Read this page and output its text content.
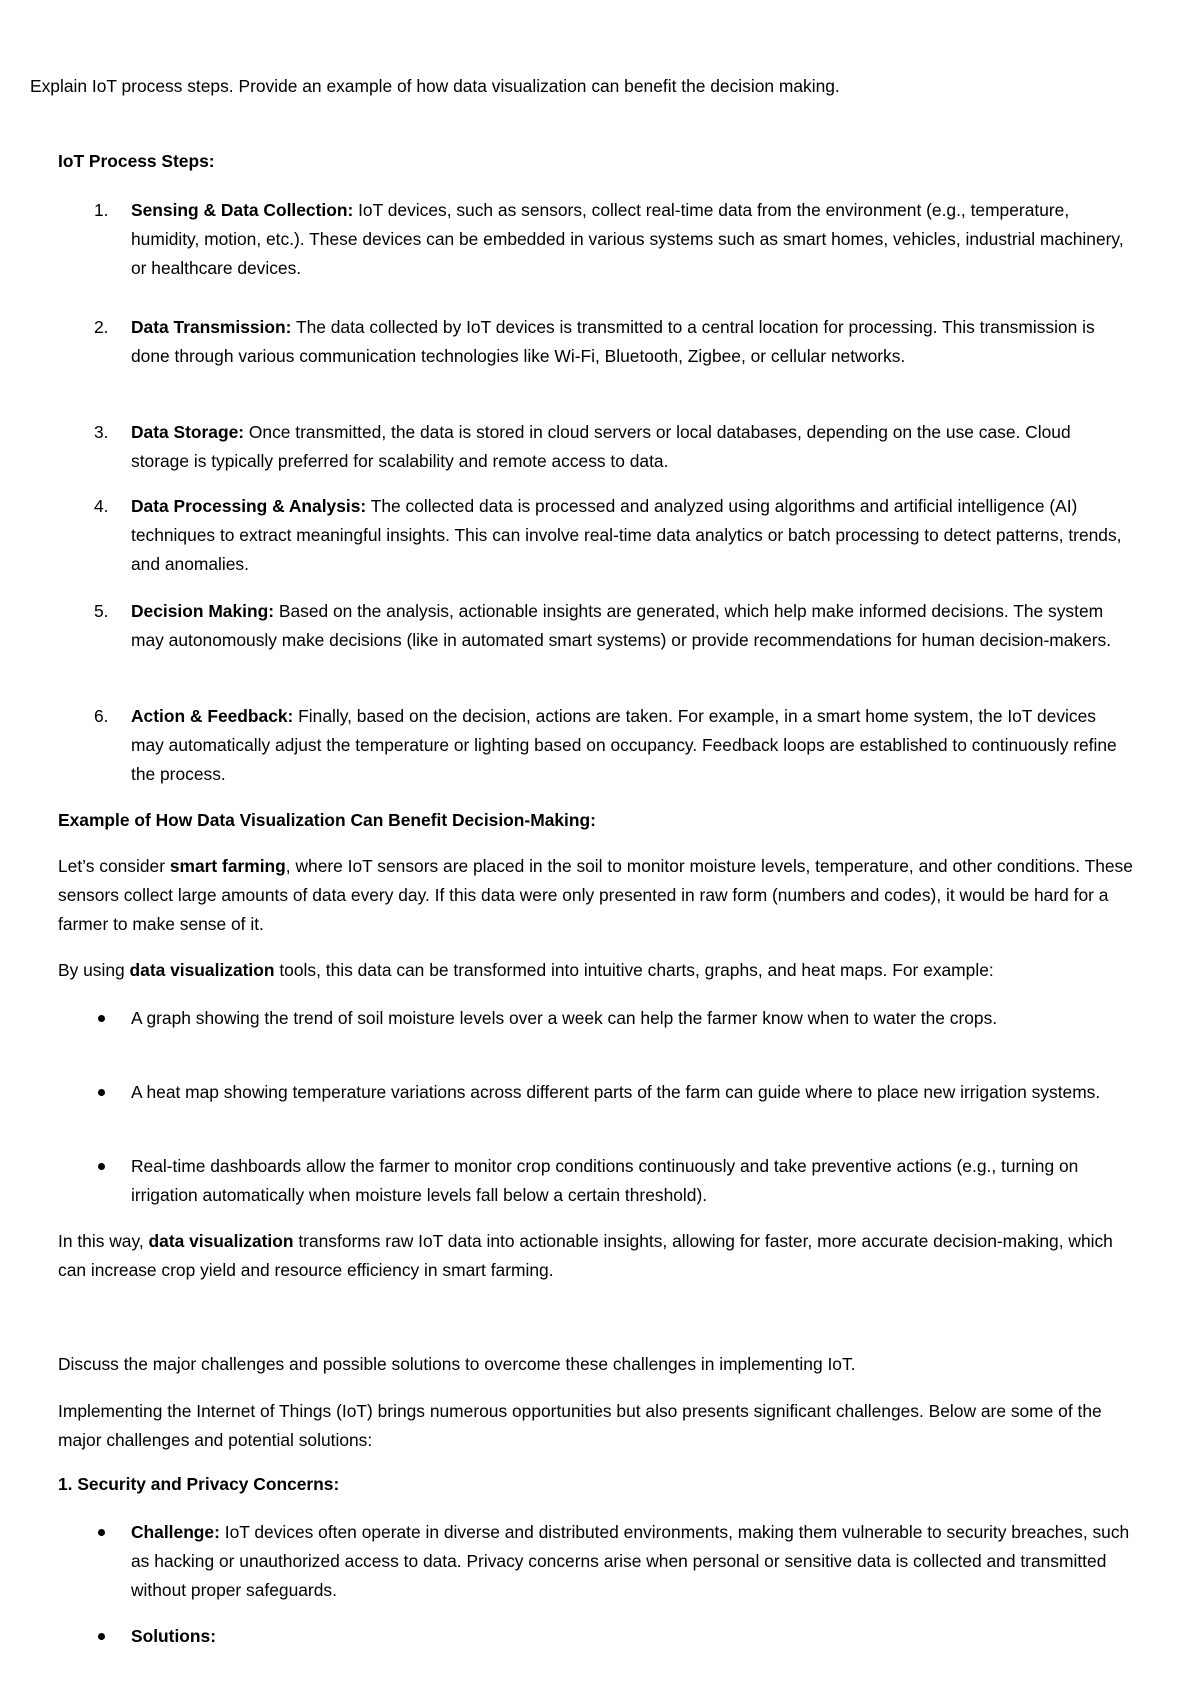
Explain IoT process steps. Provide an example of how data visualization can benefit the decision making.

IoT Process Steps:

1.	Sensing & Data Collection: IoT devices, such as sensors, collect real-time data from the environment (e.g., temperature, humidity, motion, etc.). These devices can be embedded in various systems such as smart homes, vehicles, industrial machinery, or healthcare devices.
2.	Data Transmission: The data collected by IoT devices is transmitted to a central location for processing. This transmission is done through various communication technologies like Wi-Fi, Bluetooth, Zigbee, or cellular networks.
3.	Data Storage: Once transmitted, the data is stored in cloud servers or local databases, depending on the use case. Cloud storage is typically preferred for scalability and remote access to data.
4.	Data Processing & Analysis: The collected data is processed and analyzed using algorithms and artificial intelligence (AI) techniques to extract meaningful insights. This can involve real-time data analytics or batch processing to detect patterns, trends, and anomalies.
5.	Decision Making: Based on the analysis, actionable insights are generated, which help make informed decisions. The system may autonomously make decisions (like in automated smart systems) or provide recommendations for human decision-makers.
6.	Action & Feedback: Finally, based on the decision, actions are taken. For example, in a smart home system, the IoT devices may automatically adjust the temperature or lighting based on occupancy. Feedback loops are established to continuously refine the process.

Example of How Data Visualization Can Benefit Decision-Making:

Let’s consider smart farming, where IoT sensors are placed in the soil to monitor moisture levels, temperature, and other conditions. These sensors collect large amounts of data every day. If this data were only presented in raw form (numbers and codes), it would be hard for a farmer to make sense of it.

By using data visualization tools, this data can be transformed into intuitive charts, graphs, and heat maps. For example:

A graph showing the trend of soil moisture levels over a week can help the farmer know when to water the crops.
A heat map showing temperature variations across different parts of the farm can guide where to place new irrigation systems.
Real-time dashboards allow the farmer to monitor crop conditions continuously and take preventive actions (e.g., turning on irrigation automatically when moisture levels fall below a certain threshold).

In this way, data visualization transforms raw IoT data into actionable insights, allowing for faster, more accurate decision-making, which can increase crop yield and resource efficiency in smart farming.

Discuss the major challenges and possible solutions to overcome these challenges in implementing IoT.

Implementing the Internet of Things (IoT) brings numerous opportunities but also presents significant challenges. Below are some of the major challenges and potential solutions:

1. Security and Privacy Concerns:

Challenge: IoT devices often operate in diverse and distributed environments, making them vulnerable to security breaches, such as hacking or unauthorized access to data. Privacy concerns arise when personal or sensitive data is collected and transmitted without proper safeguards.
Solutions:
